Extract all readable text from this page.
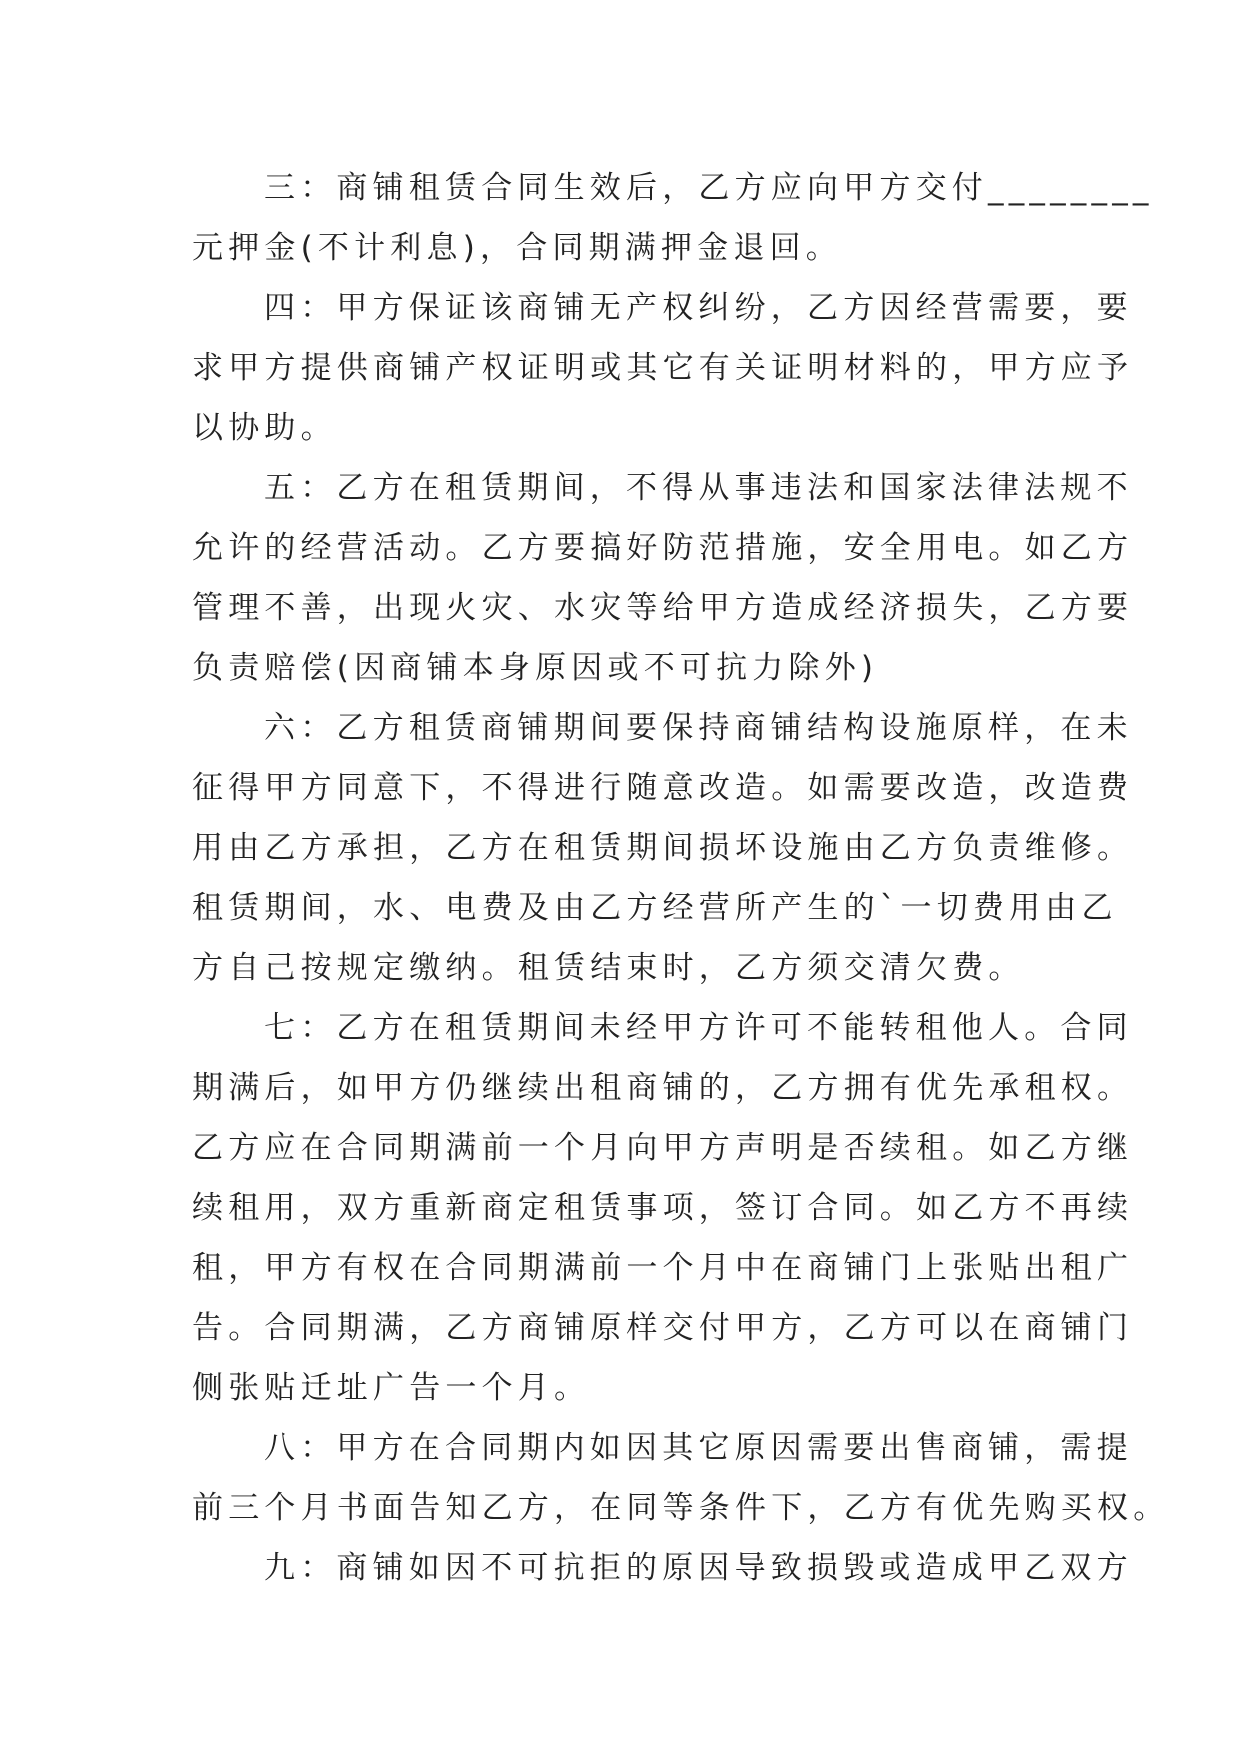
三：商铺租赁合同生效后，乙方应向甲方交付________
元押金(不计利息)，合同期满押金退回。

四：甲方保证该商铺无产权纠纷，乙方因经营需要，要
求甲方提供商铺产权证明或其它有关证明材料的，甲方应予
以协助。

五：乙方在租赁期间，不得从事违法和国家法律法规不
允许的经营活动。乙方要搞好防范措施，安全用电。如乙方
管理不善，出现火灾、水灾等给甲方造成经济损失，乙方要
负责赔偿(因商铺本身原因或不可抗力除外)

六：乙方租赁商铺期间要保持商铺结构设施原样，在未
征得甲方同意下，不得进行随意改造。如需要改造，改造费
用由乙方承担，乙方在租赁期间损坏设施由乙方负责维修。
租赁期间，水、电费及由乙方经营所产生的`一切费用由乙
方自己按规定缴纳。租赁结束时，乙方须交清欠费。

七：乙方在租赁期间未经甲方许可不能转租他人。合同
期满后，如甲方仍继续出租商铺的，乙方拥有优先承租权。
乙方应在合同期满前一个月向甲方声明是否续租。如乙方继
续租用，双方重新商定租赁事项，签订合同。如乙方不再续
租，甲方有权在合同期满前一个月中在商铺门上张贴出租广
告。合同期满，乙方商铺原样交付甲方，乙方可以在商铺门
侧张贴迁址广告一个月。

八：甲方在合同期内如因其它原因需要出售商铺，需提
前三个月书面告知乙方，在同等条件下，乙方有优先购买权。

九：商铺如因不可抗拒的原因导致损毁或造成甲乙双方
